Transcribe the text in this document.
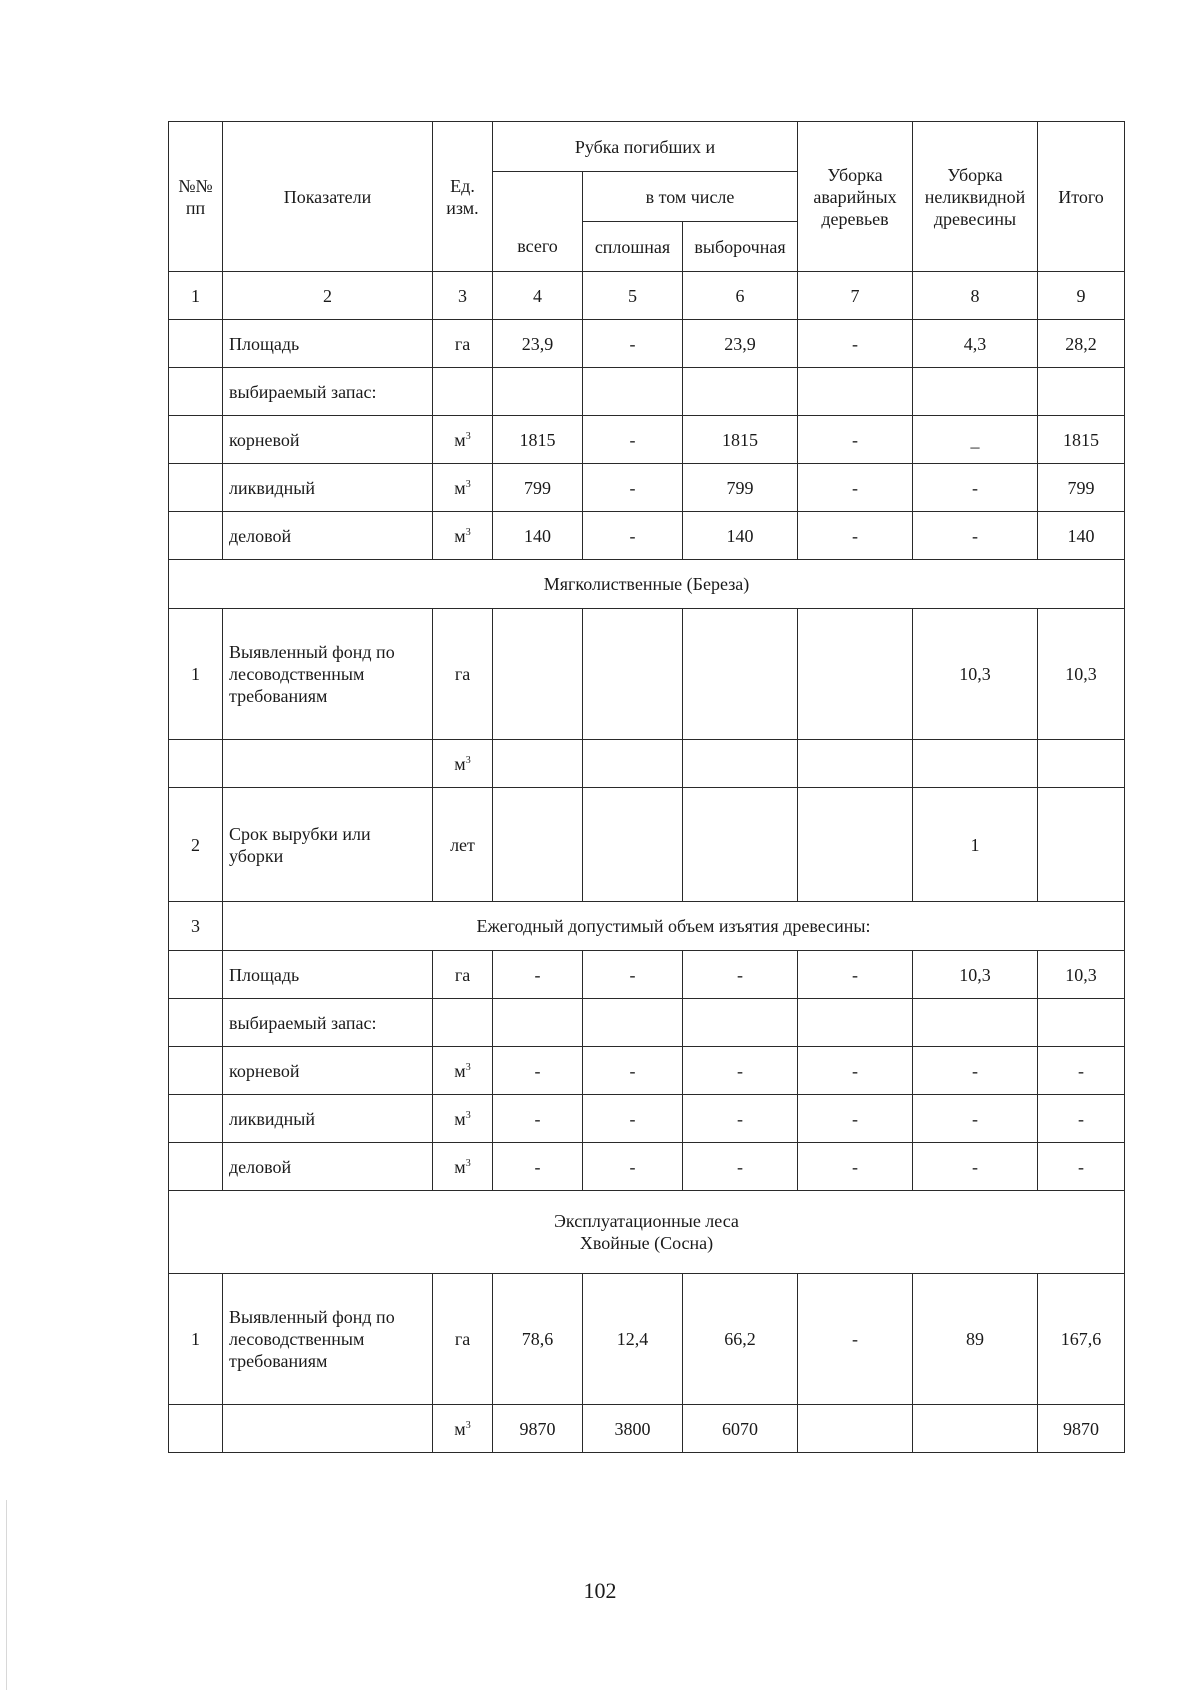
№№ пп	Показатели	Ед. изм.	Рубка погибших и			Уборка аварийных деревьев	Уборка неликвидной древесины	Итого
			всего	в том числе				
				сплошная	выборочная			
1	2	3	4	5	6	7	8	9
	Площадь	га	23,9	-	23,9	-	4,3	28,2
	выбираемый запас:							
	корневой	$м^3$	1815	-	1815	-	_	1815
	ликвидный	$м^3$	799	-	799	-	-	799
	деловой	$м^3$	140	-	140	-	-	140
Мягколиственные (Береза)								
1	Выявленный фонд по лесоводственным требованиям	га					10,3	10,3
		$м^3$						
2	Срок вырубки или уборки	лет					1	
3	Ежегодный допустимый объем изъятия древесины:							
	Площадь	га	-	-	-	-	10,3	10,3
	выбираемый запас:							
	корневой	$м^3$	-	-	-	-	-	-
	ликвидный	$м^3$	-	-	-	-	-	-
	деловой	$м^3$	-	-	-	-	-	-

Эксплуатационные леса
Хвойные (Сосна)								

1	Выявленный фонд по лесоводственным требованиям	га	78,6	12,4	66,2	-	89	167,6
		$м^3$	9870	3800	6070			9870
102
